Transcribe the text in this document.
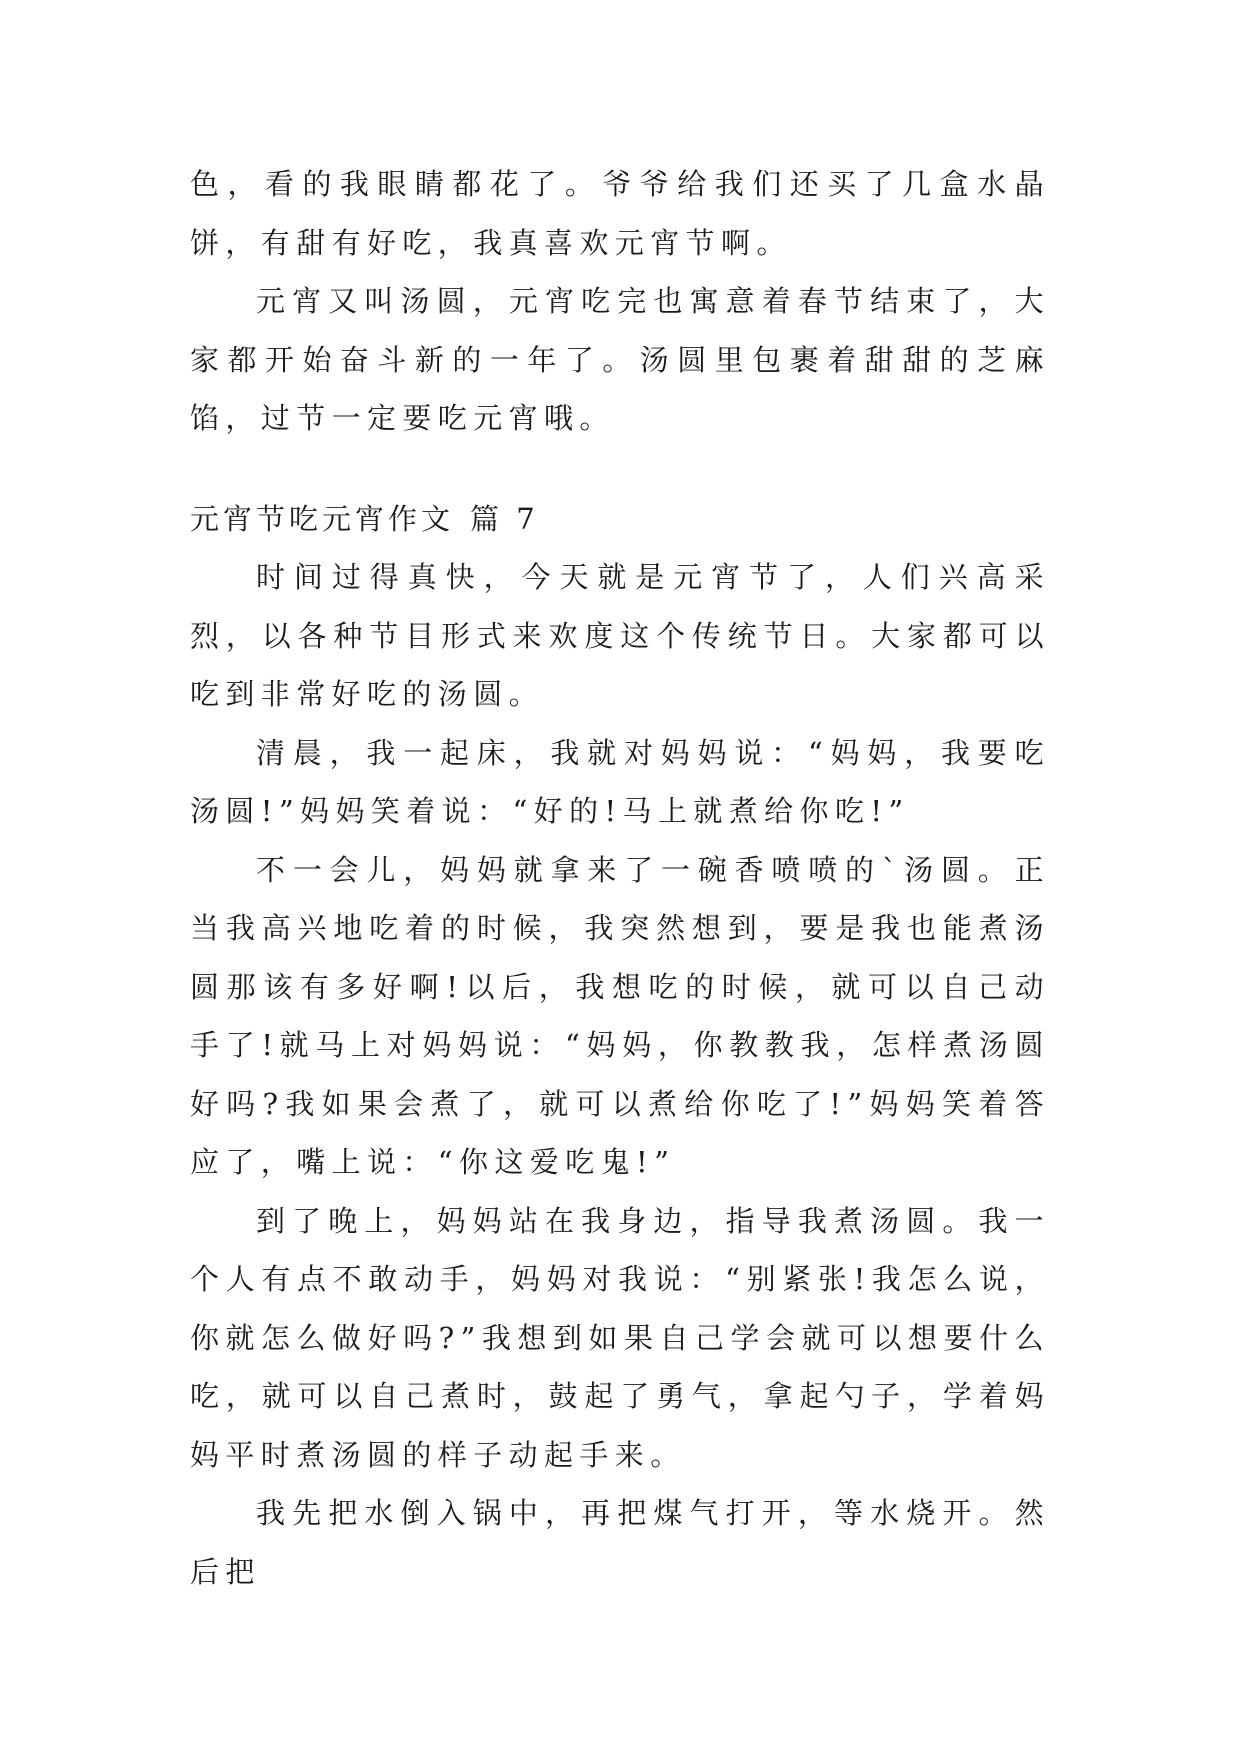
色，看的我眼睛都花了。爷爷给我们还买了几盒水晶饼，有甜有好吃，我真喜欢元宵节啊。

元宵又叫汤圆，元宵吃完也寓意着春节结束了，大家都开始奋斗新的一年了。汤圆里包裹着甜甜的芝麻馅，过节一定要吃元宵哦。

元宵节吃元宵作文 篇 7

时间过得真快，今天就是元宵节了，人们兴高采烈，以各种节目形式来欢度这个传统节日。大家都可以吃到非常好吃的汤圆。

清晨，我一起床，我就对妈妈说：“妈妈，我要吃汤圆!”妈妈笑着说：“好的!马上就煮给你吃!”

不一会儿，妈妈就拿来了一碗香喷喷的`汤圆。正当我高兴地吃着的时候，我突然想到，要是我也能煮汤圆那该有多好啊!以后，我想吃的时候，就可以自己动手了!就马上对妈妈说：“妈妈，你教教我，怎样煮汤圆好吗?我如果会煮了，就可以煮给你吃了!”妈妈笑着答应了，嘴上说：“你这爱吃鬼!”

到了晚上，妈妈站在我身边，指导我煮汤圆。我一个人有点不敢动手，妈妈对我说：“别紧张!我怎么说，你就怎么做好吗?”我想到如果自己学会就可以想要什么吃，就可以自己煮时，鼓起了勇气，拿起勺子，学着妈妈平时煮汤圆的样子动起手来。

我先把水倒入锅中，再把煤气打开，等水烧开。然后把
